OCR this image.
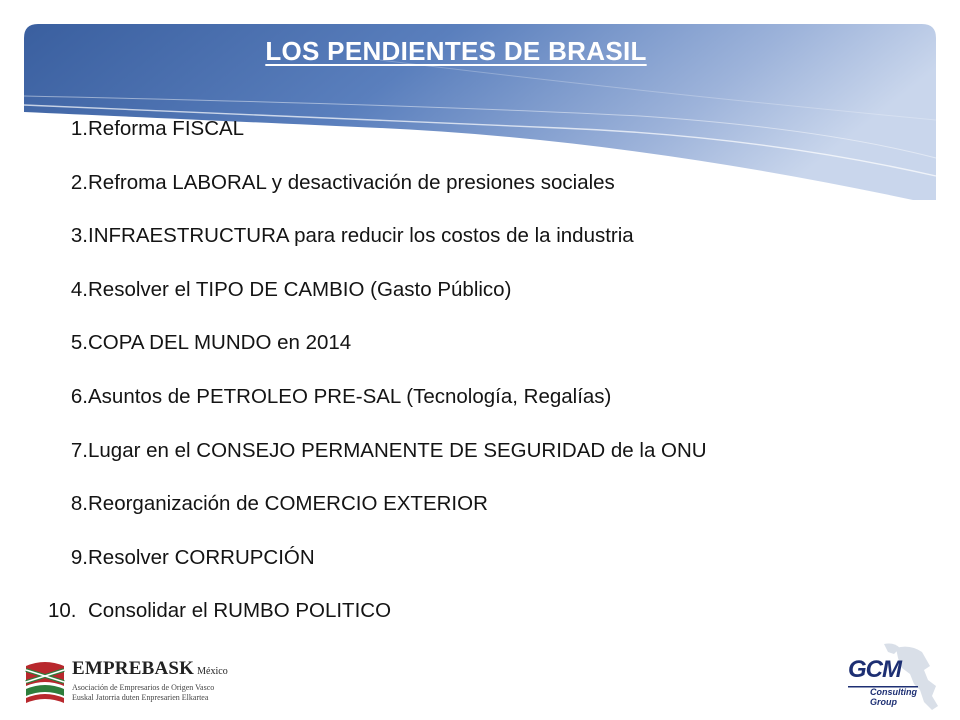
LOS PENDIENTES DE BRASIL
1. Reforma FISCAL
2. Refroma LABORAL y desactivación de presiones sociales
3. INFRAESTRUCTURA para reducir los costos de la industria
4. Resolver el TIPO DE CAMBIO (Gasto Público)
5. COPA DEL MUNDO en 2014
6. Asuntos de PETROLEO PRE-SAL (Tecnología, Regalías)
7. Lugar en el CONSEJO PERMANENTE DE SEGURIDAD de la ONU
8. Reorganización de COMERCIO EXTERIOR
9. Resolver CORRUPCIÓN
10. Consolidar el RUMBO POLITICO
EMPREBASK México
Asociación de Empresarios de Origen Vasco
Euskal Jatorria duten Enpresarien Elkartea
GCM
Consulting Group
